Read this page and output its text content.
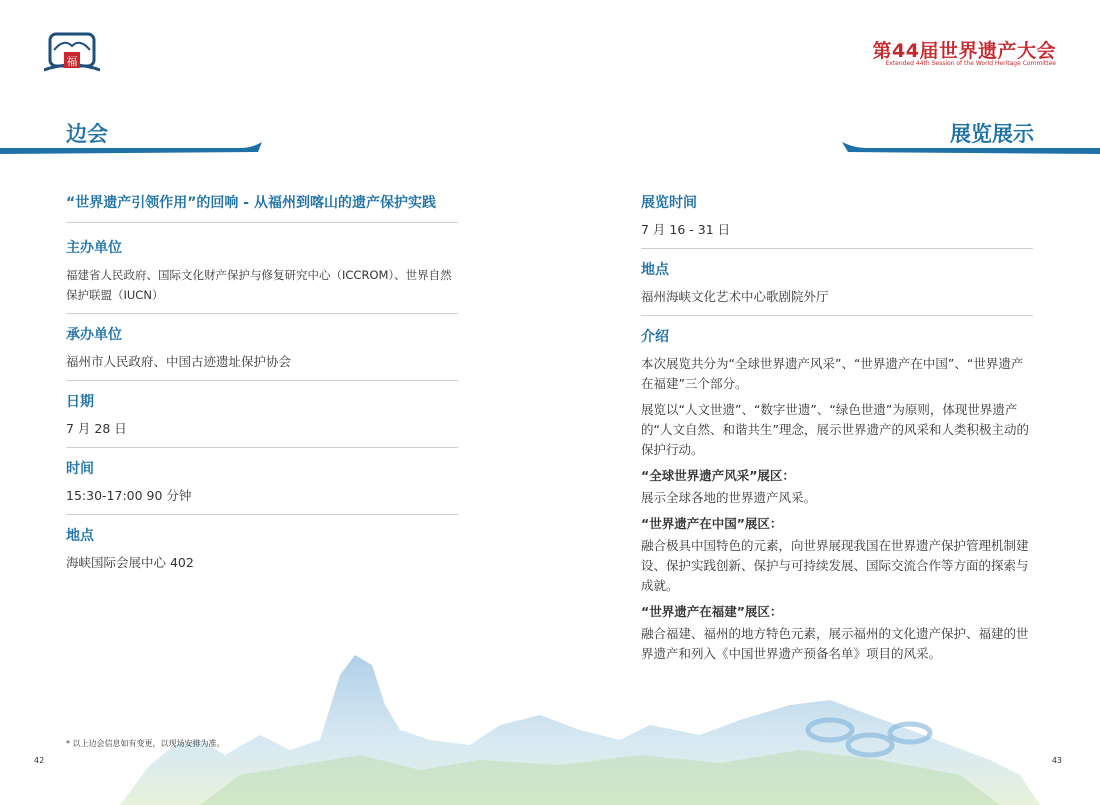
福	第44届世界遗产大会
Extended 44th Session of the World Heritage Committee
边会	展览展示
“世界遗产引领作用”的回响 - 从福州到喀山的遗产保护实践
主办单位
福建省人民政府、国际文化财产保护与修复研究中心（ICCROM）、世界自然保护联盟（IUCN）
承办单位
福州市人民政府、中国古迹遗址保护协会
日期
7 月 28 日
时间
15:30-17:00 90 分钟
地点
海峡国际会展中心 402
展览时间
7 月 16 - 31 日
地点
福州海峡文化艺术中心歌剧院外厅
介绍
本次展览共分为“全球世界遗产风采”、“世界遗产在中国”、“世界遗产在福建”三个部分。
展览以“人文世遗”、“数字世遗”、“绿色世遗”为原则，体现世界遗产的“人文自然、和谐共生”理念，展示世界遗产的风采和人类积极主动的保护行动。
“全球世界遗产风采”展区：
展示全球各地的世界遗产风采。
“世界遗产在中国”展区：
融合极具中国特色的元素，向世界展现我国在世界遗产保护管理机制建设、保护实践创新、保护与可持续发展、国际交流合作等方面的探索与成就。
“世界遗产在福建”展区：
融合福建、福州的地方特色元素，展示福州的文化遗产保护、福建的世界遗产和列入《中国世界遗产预备名单》项目的风采。
* 以上边会信息如有变更，以现场安排为准。
42	43
